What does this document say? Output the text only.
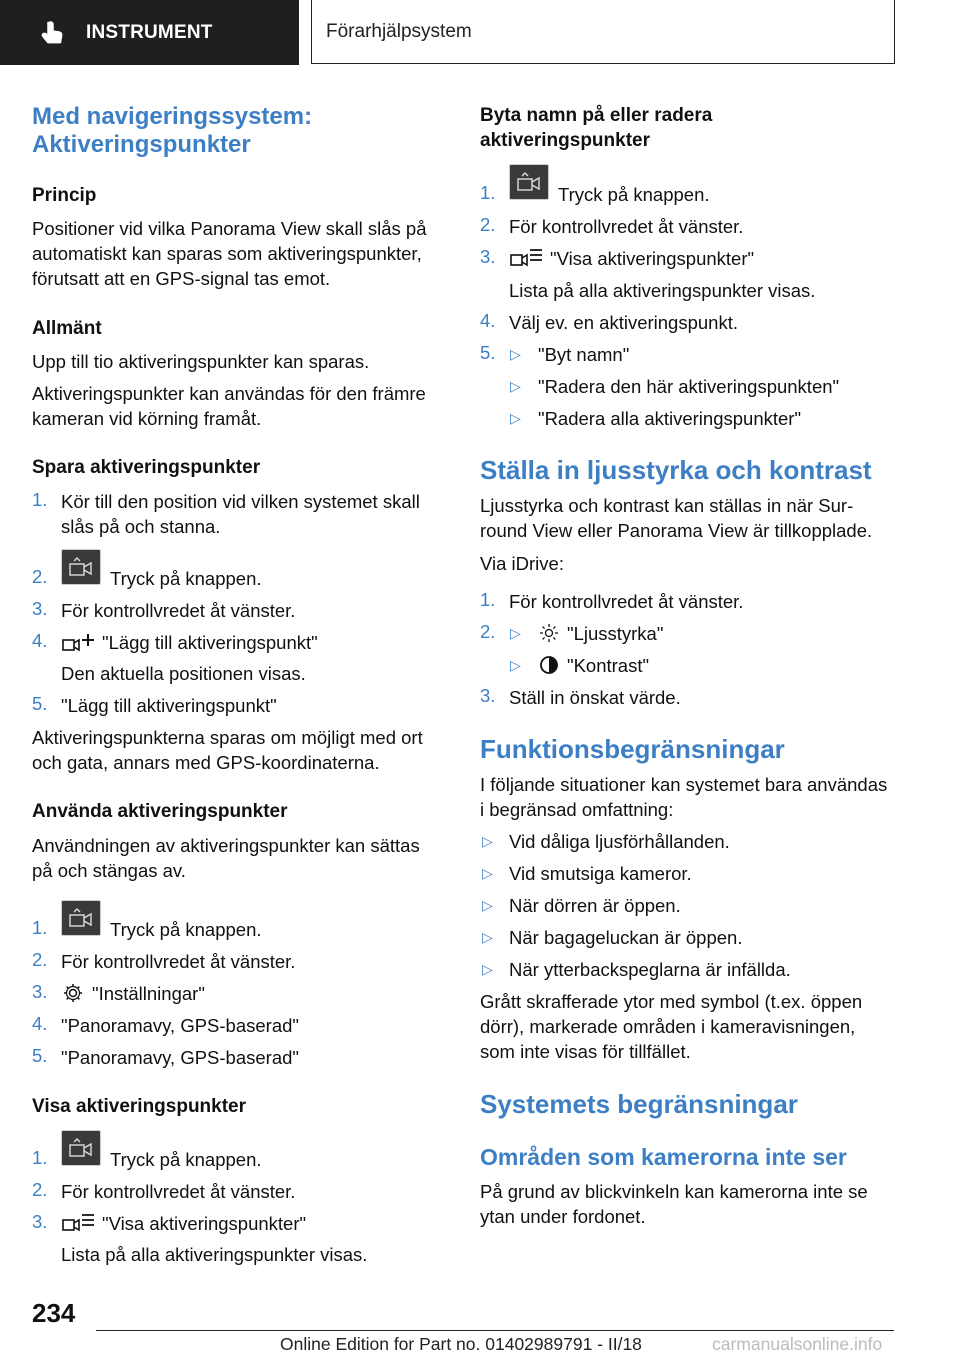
INSTRUMENT	Förarhjälpsystem
Med navigeringssystem:
Aktiveringspunkter
Princip
Positioner vid vilka Panorama View skall slås på
automatiskt kan sparas som aktiveringspunkter,
förutsatt att en GPS-signal tas emot.
Allmänt
Upp till tio aktiveringspunkter kan sparas.
Aktiveringspunkter kan användas för den främre
kameran vid körning framåt.
Spara aktiveringspunkter
1. Kör till den position vid vilken systemet skall
slås på och stanna.
2.	Tryck på knappen.
3. För kontrollvredet åt vänster.
4.	"Lägg till aktiveringspunkt"
Den aktuella positionen visas.
5. "Lägg till aktiveringspunkt"
Aktiveringspunkterna sparas om möjligt med ort
och gata, annars med GPS-koordinaterna.
Använda aktiveringspunkter
Användningen av aktiveringspunkter kan sättas
på och stängas av.
1.	Tryck på knappen.
2. För kontrollvredet åt vänster.
3. "Inställningar"
4. "Panoramavy, GPS-baserad"
5. "Panoramavy, GPS-baserad"
Visa aktiveringspunkter
1.	Tryck på knappen.
2. För kontrollvredet åt vänster.
3.	"Visa aktiveringspunkter"
Lista på alla aktiveringspunkter visas.
Byta namn på eller radera
aktiveringspunkter
1.	Tryck på knappen.
2. För kontrollvredet åt vänster.
3.	"Visa aktiveringspunkter"
Lista på alla aktiveringspunkter visas.
4. Välj ev. en aktiveringspunkt.
5. ▷ "Byt namn"
▷ "Radera den här aktiveringspunkten"
▷ "Radera alla aktiveringspunkter"
Ställa in ljusstyrka och kontrast
Ljusstyrka och kontrast kan ställas in när Sur-
round View eller Panorama View är tillkopplade.
Via iDrive:
1. För kontrollvredet åt vänster.
2. ▷ "Ljusstyrka"
▷ "Kontrast"
3. Ställ in önskat värde.
Funktionsbegränsningar
I följande situationer kan systemet bara användas
i begränsad omfattning:
▷ Vid dåliga ljusförhållanden.
▷ Vid smutsiga kameror.
▷ När dörren är öppen.
▷ När bagageluckan är öppen.
▷ När ytterbackspeglarna är infällda.
Grått skrafferade ytor med symbol (t.ex. öppen
dörr), markerade områden i kameravisningen,
som inte visas för tillfället.
Systemets begränsningar
Områden som kamerorna inte ser
På grund av blickvinkeln kan kamerorna inte se
ytan under fordonet.
234
Online Edition for Part no. 01402989791 - II/18	carmanualsonline.info
